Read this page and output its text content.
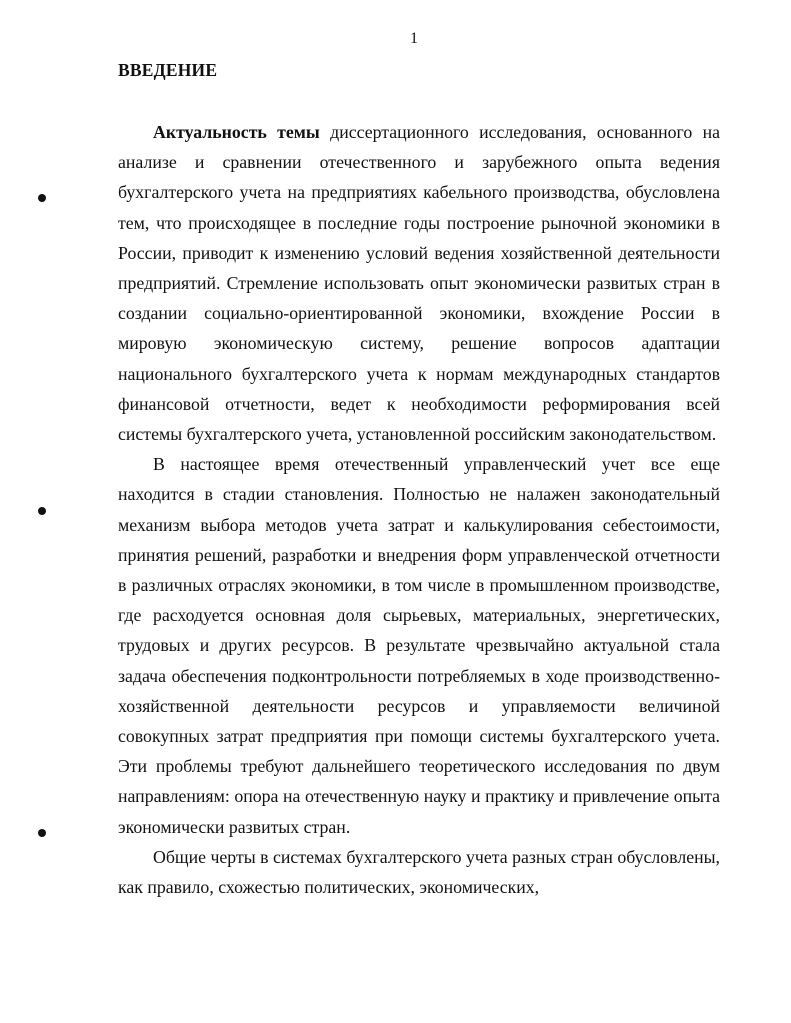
1
ВВЕДЕНИЕ

Актуальность темы диссертационного исследования, основанного на анализе и сравнении отечественного и зарубежного опыта ведения бухгалтерского учета на предприятиях кабельного производства, обусловлена тем, что происходящее в последние годы построение рыночной экономики в России, приводит к изменению условий ведения хозяйственной деятельности предприятий. Стремление использовать опыт экономически развитых стран в создании социально-ориентированной экономики, вхождение России в мировую экономическую систему, решение вопросов адаптации национального бухгалтерского учета к нормам международных стандартов финансовой отчетности, ведет к необходимости реформирования всей системы бухгалтерского учета, установленной российским законодательством.

В настоящее время отечественный управленческий учет все еще находится в стадии становления. Полностью не налажен законодательный механизм выбора методов учета затрат и калькулирования себестоимости, принятия решений, разработки и внедрения форм управленческой отчетности в различных отраслях экономики, в том числе в промышленном производстве, где расходуется основная доля сырьевых, материальных, энергетических, трудовых и других ресурсов. В результате чрезвычайно актуальной стала задача обеспечения подконтрольности потребляемых в ходе производственно-хозяйственной деятельности ресурсов и управляемости величиной совокупных затрат предприятия при помощи системы бухгалтерского учета. Эти проблемы требуют дальнейшего теоретического исследования по двум направлениям: опора на отечественную науку и практику и привлечение опыта экономически развитых стран.

Общие черты в системах бухгалтерского учета разных стран обусловлены, как правило, схожестью политических, экономических,
